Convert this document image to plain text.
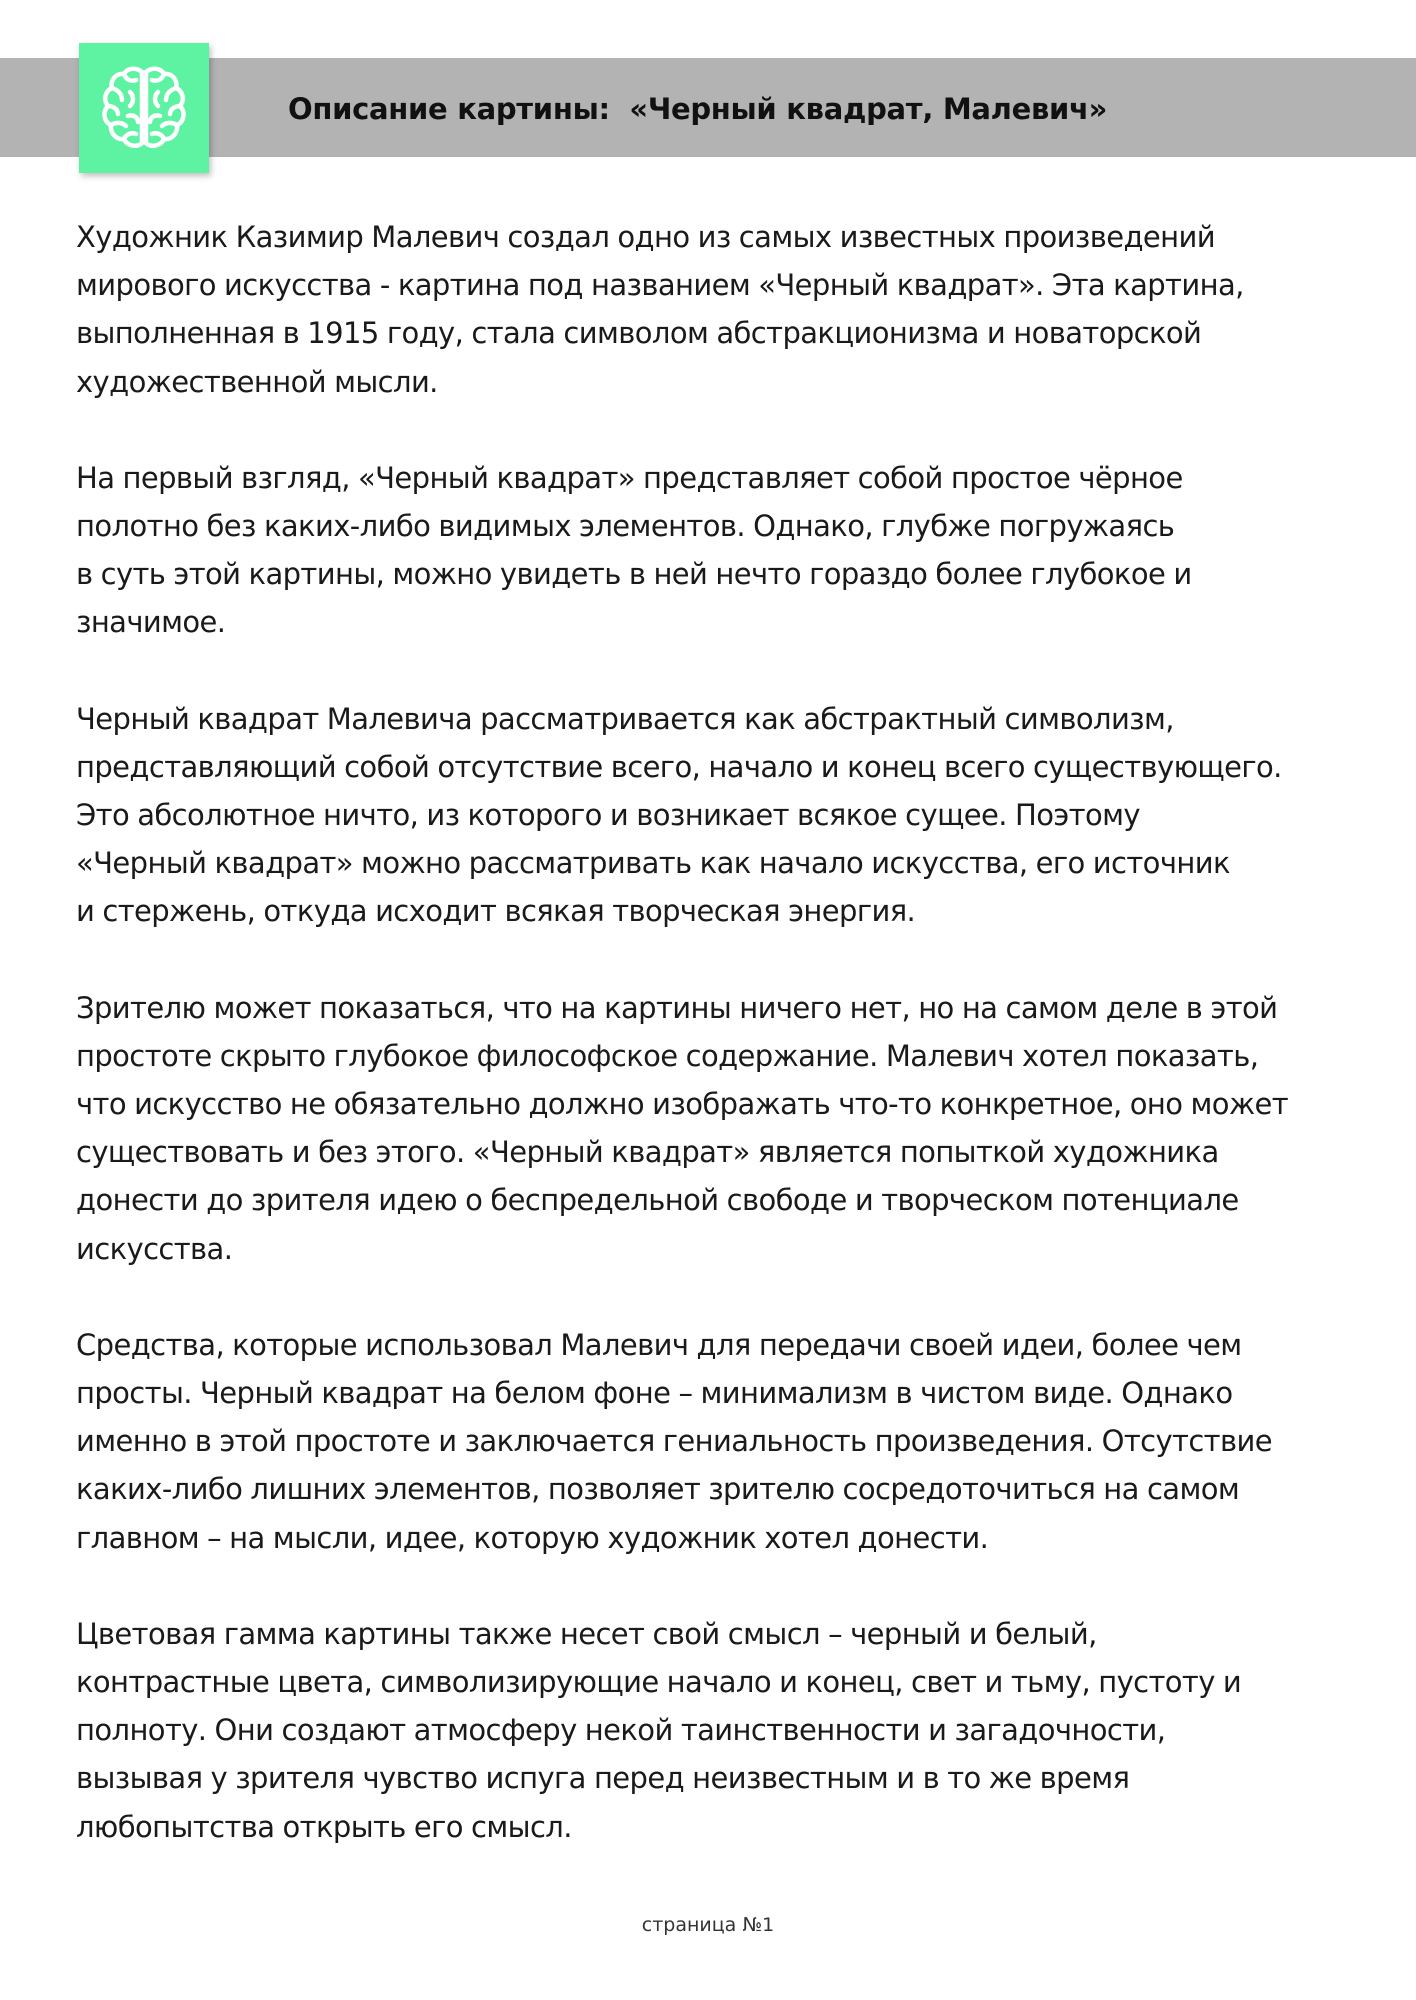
Описание картины:  «Черный квадрат, Малевич»

Художник Казимир Малевич создал одно из самых известных произведений
мирового искусства - картина под названием «Черный квадрат». Эта картина,
выполненная в 1915 году, стала символом абстракционизма и новаторской
художественной мысли.

На первый взгляд, «Черный квадрат» представляет собой простое чёрное
полотно без каких-либо видимых элементов. Однако, глубже погружаясь
в суть этой картины, можно увидеть в ней нечто гораздо более глубокое и
значимое.

Черный квадрат Малевича рассматривается как абстрактный символизм,
представляющий собой отсутствие всего, начало и конец всего существующего.
Это абсолютное ничто, из которого и возникает всякое сущее. Поэтому
«Черный квадрат» можно рассматривать как начало искусства, его источник
и стержень, откуда исходит всякая творческая энергия.

Зрителю может показаться, что на картины ничего нет, но на самом деле в этой
простоте скрыто глубокое философское содержание. Малевич хотел показать,
что искусство не обязательно должно изображать что-то конкретное, оно может
существовать и без этого. «Черный квадрат» является попыткой художника
донести до зрителя идею о беспредельной свободе и творческом потенциале
искусства.

Средства, которые использовал Малевич для передачи своей идеи, более чем
просты. Черный квадрат на белом фоне – минимализм в чистом виде. Однако
именно в этой простоте и заключается гениальность произведения. Отсутствие
каких-либо лишних элементов, позволяет зрителю сосредоточиться на самом
главном – на мысли, идее, которую художник хотел донести.

Цветовая гамма картины также несет свой смысл – черный и белый,
контрастные цвета, символизирующие начало и конец, свет и тьму, пустоту и
полноту. Они создают атмосферу некой таинственности и загадочности,
вызывая у зрителя чувство испуга перед неизвестным и в то же время
любопытства открыть его смысл.

страница №1
